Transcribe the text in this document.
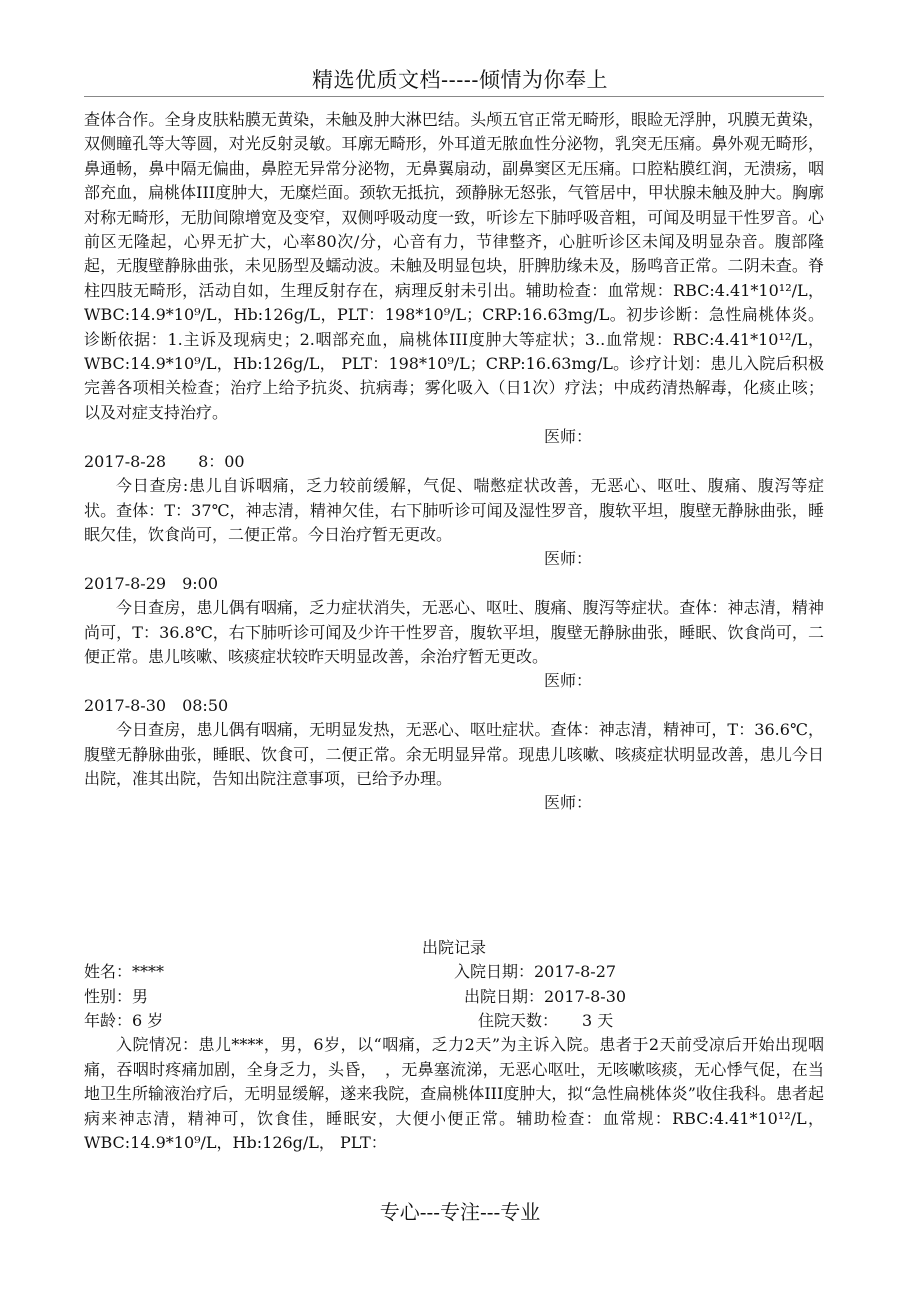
精选优质文档-----倾情为你奉上

查体合作。全身皮肤粘膜无黄染，未触及肿大淋巴结。头颅五官正常无畸形，眼睑无浮肿，巩膜无黄染，双侧瞳孔等大等圆，对光反射灵敏。耳廓无畸形，外耳道无脓血性分泌物，乳突无压痛。鼻外观无畸形，鼻通畅，鼻中隔无偏曲，鼻腔无异常分泌物，无鼻翼扇动，副鼻窦区无压痛。口腔粘膜红润，无溃疡，咽部充血，扁桃体III度肿大，无糜烂面。颈软无抵抗，颈静脉无怒张，气管居中，甲状腺未触及肿大。胸廓对称无畸形，无肋间隙增宽及变窄，双侧呼吸动度一致，听诊左下肺呼吸音粗，可闻及明显干性罗音。心前区无隆起，心界无扩大，心率80次/分，心音有力，节律整齐，心脏听诊区未闻及明显杂音。腹部隆起，无腹壁静脉曲张，未见肠型及蠕动波。未触及明显包块，肝脾肋缘未及，肠鸣音正常。二阴未查。脊柱四肢无畸形，活动自如，生理反射存在，病理反射未引出。辅助检查：血常规：RBC:4.41*10¹²/L，WBC:14.9*10⁹/L，Hb:126g/L，PLT：198*10⁹/L；CRP:16.63mg/L。初步诊断：急性扁桃体炎。诊断依据：1.主诉及现病史；2.咽部充血，扁桃体III度肿大等症状；3..血常规：RBC:4.41*10¹²/L， WBC:14.9*10⁹/L，Hb:126g/L， PLT：198*10⁹/L；CRP:16.63mg/L。诊疗计划：患儿入院后积极完善各项相关检查；治疗上给予抗炎、抗病毒；雾化吸入（日1次）疗法；中成药清热解毒，化痰止咳；以及对症支持治疗。

医师：

2017-8-28　　8：00

今日查房:患儿自诉咽痛，乏力较前缓解，气促、喘憋症状改善，无恶心、呕吐、腹痛、腹泻等症状。查体：T：37℃，神志清，精神欠佳，右下肺听诊可闻及湿性罗音，腹软平坦，腹壁无静脉曲张，睡眠欠佳，饮食尚可，二便正常。今日治疗暂无更改。

医师：

2017-8-29　9:00

今日查房，患儿偶有咽痛，乏力症状消失，无恶心、呕吐、腹痛、腹泻等症状。查体：神志清，精神尚可，T：36.8℃，右下肺听诊可闻及少许干性罗音，腹软平坦，腹壁无静脉曲张，睡眠、饮食尚可，二便正常。患儿咳嗽、咳痰症状较昨天明显改善，余治疗暂无更改。

医师：

2017-8-30　08:50

今日查房，患儿偶有咽痛，无明显发热，无恶心、呕吐症状。查体：神志清，精神可，T：36.6℃，腹壁无静脉曲张，睡眠、饮食可，二便正常。余无明显异常。现患儿咳嗽、咳痰症状明显改善，患儿今日出院，准其出院，告知出院注意事项，已给予办理。

医师：

出院记录

姓名：****	入院日期：2017-8-27
性别：男	出院日期：2017-8-30
年龄：6 岁	住院天数：　　3 天

入院情况：患儿****，男，6岁，以“咽痛，乏力2天”为主诉入院。患者于2天前受凉后开始出现咽痛，吞咽时疼痛加剧，全身乏力，头昏，　，无鼻塞流涕，无恶心呕吐，无咳嗽咳痰，无心悸气促，在当地卫生所输液治疗后，无明显缓解，遂来我院，查扁桃体III度肿大，拟“急性扁桃体炎”收住我科。患者起病来神志清，精神可，饮食佳，睡眠安，大便小便正常。辅助检查：血常规：RBC:4.41*10¹²/L， WBC:14.9*10⁹/L，Hb:126g/L， PLT：

专心---专注---专业
